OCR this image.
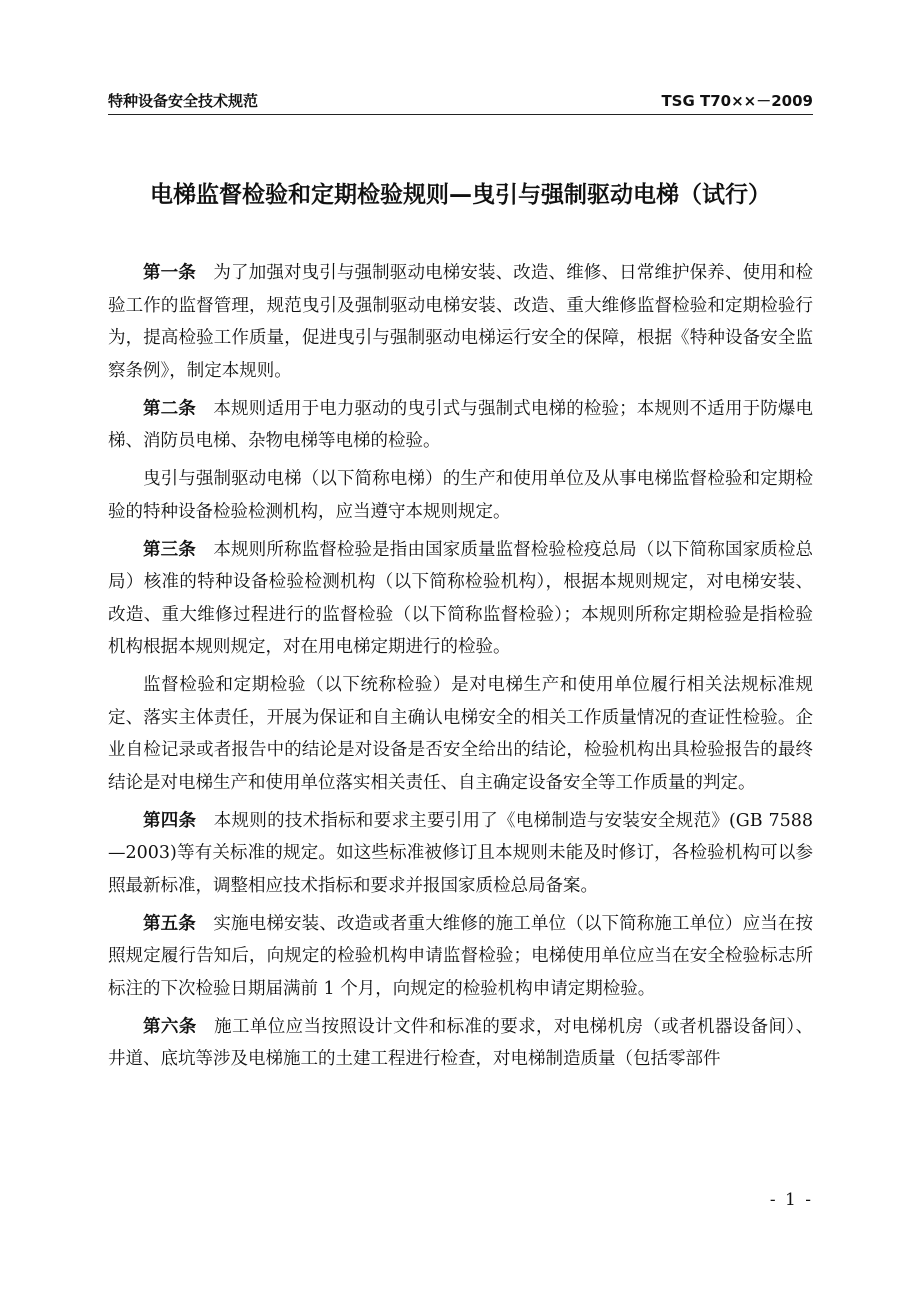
特种设备安全技术规范	TSG T70××－2009
电梯监督检验和定期检验规则—曳引与强制驱动电梯（试行）

第一条 为了加强对曳引与强制驱动电梯安装、改造、维修、日常维护保养、使用和检验工作的监督管理，规范曳引及强制驱动电梯安装、改造、重大维修监督检验和定期检验行为，提高检验工作质量，促进曳引与强制驱动电梯运行安全的保障，根据《特种设备安全监察条例》，制定本规则。

第二条 本规则适用于电力驱动的曳引式与强制式电梯的检验；本规则不适用于防爆电梯、消防员电梯、杂物电梯等电梯的检验。

曳引与强制驱动电梯（以下简称电梯）的生产和使用单位及从事电梯监督检验和定期检验的特种设备检验检测机构，应当遵守本规则规定。

第三条 本规则所称监督检验是指由国家质量监督检验检疫总局（以下简称国家质检总局）核准的特种设备检验检测机构（以下简称检验机构），根据本规则规定，对电梯安装、改造、重大维修过程进行的监督检验（以下简称监督检验）；本规则所称定期检验是指检验机构根据本规则规定，对在用电梯定期进行的检验。

监督检验和定期检验（以下统称检验）是对电梯生产和使用单位履行相关法规标准规定、落实主体责任，开展为保证和自主确认电梯安全的相关工作质量情况的查证性检验。企业自检记录或者报告中的结论是对设备是否安全给出的结论，检验机构出具检验报告的最终结论是对电梯生产和使用单位落实相关责任、自主确定设备安全等工作质量的判定。

第四条 本规则的技术指标和要求主要引用了《电梯制造与安装安全规范》(GB 7588—2003)等有关标准的规定。如这些标准被修订且本规则未能及时修订，各检验机构可以参照最新标准，调整相应技术指标和要求并报国家质检总局备案。

第五条 实施电梯安装、改造或者重大维修的施工单位（以下简称施工单位）应当在按照规定履行告知后，向规定的检验机构申请监督检验；电梯使用单位应当在安全检验标志所标注的下次检验日期届满前 1 个月，向规定的检验机构申请定期检验。

第六条 施工单位应当按照设计文件和标准的要求，对电梯机房（或者机器设备间）、井道、底坑等涉及电梯施工的土建工程进行检查，对电梯制造质量（包括零部件

- 1 -
